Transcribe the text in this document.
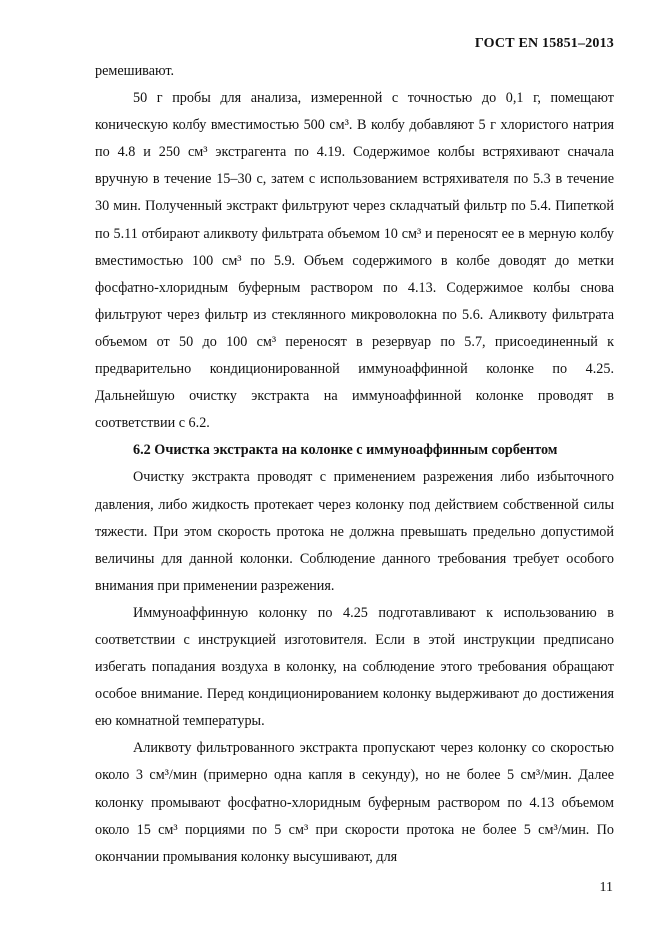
ГОСТ EN 15851–2013

ремешивают.

50 г пробы для анализа, измеренной с точностью до 0,1 г, помещают коническую колбу вместимостью 500 см³. В колбу добавляют 5 г хлористого натрия по 4.8 и 250 см³ экстрагента по 4.19. Содержимое колбы встряхивают сначала вручную в течение 15–30 с, затем с использованием встряхивателя по 5.3 в течение 30 мин. Полученный экстракт фильтруют через складчатый фильтр по 5.4. Пипеткой по 5.11 отбирают аликвоту фильтрата объемом 10 см³ и переносят ее в мерную колбу вместимостью 100 см³ по 5.9. Объем содержимого в колбе доводят до метки фосфатно-хлоридным буферным раствором по 4.13. Содержимое колбы снова фильтруют через фильтр из стеклянного микроволокна по 5.6. Аликвоту фильтрата объемом от 50 до 100 см³ переносят в резервуар по 5.7, присоединенный к предварительно кондиционированной иммуноаффинной колонке по 4.25. Дальнейшую очистку экстракта на иммуноаффинной колонке проводят в соответствии с 6.2.

6.2 Очистка экстракта на колонке с иммуноаффинным сорбентом

Очистку экстракта проводят с применением разрежения либо избыточного давления, либо жидкость протекает через колонку под действием собственной силы тяжести. При этом скорость протока не должна превышать предельно допустимой величины для данной колонки. Соблюдение данного требования требует особого внимания при применении разрежения.

Иммуноаффинную колонку по 4.25 подготавливают к использованию в соответствии с инструкцией изготовителя. Если в этой инструкции предписано избегать попадания воздуха в колонку, на соблюдение этого требования обращают особое внимание. Перед кондиционированием колонку выдерживают до достижения ею комнатной температуры.

Аликвоту фильтрованного экстракта пропускают через колонку со скоростью около 3 см³/мин (примерно одна капля в секунду), но не более 5 см³/мин. Далее колонку промывают фосфатно-хлоридным буферным раствором по 4.13 объемом около 15 см³ порциями по 5 см³ при скорости протока не более 5 см³/мин. По окончании промывания колонку высушивают, для

11
